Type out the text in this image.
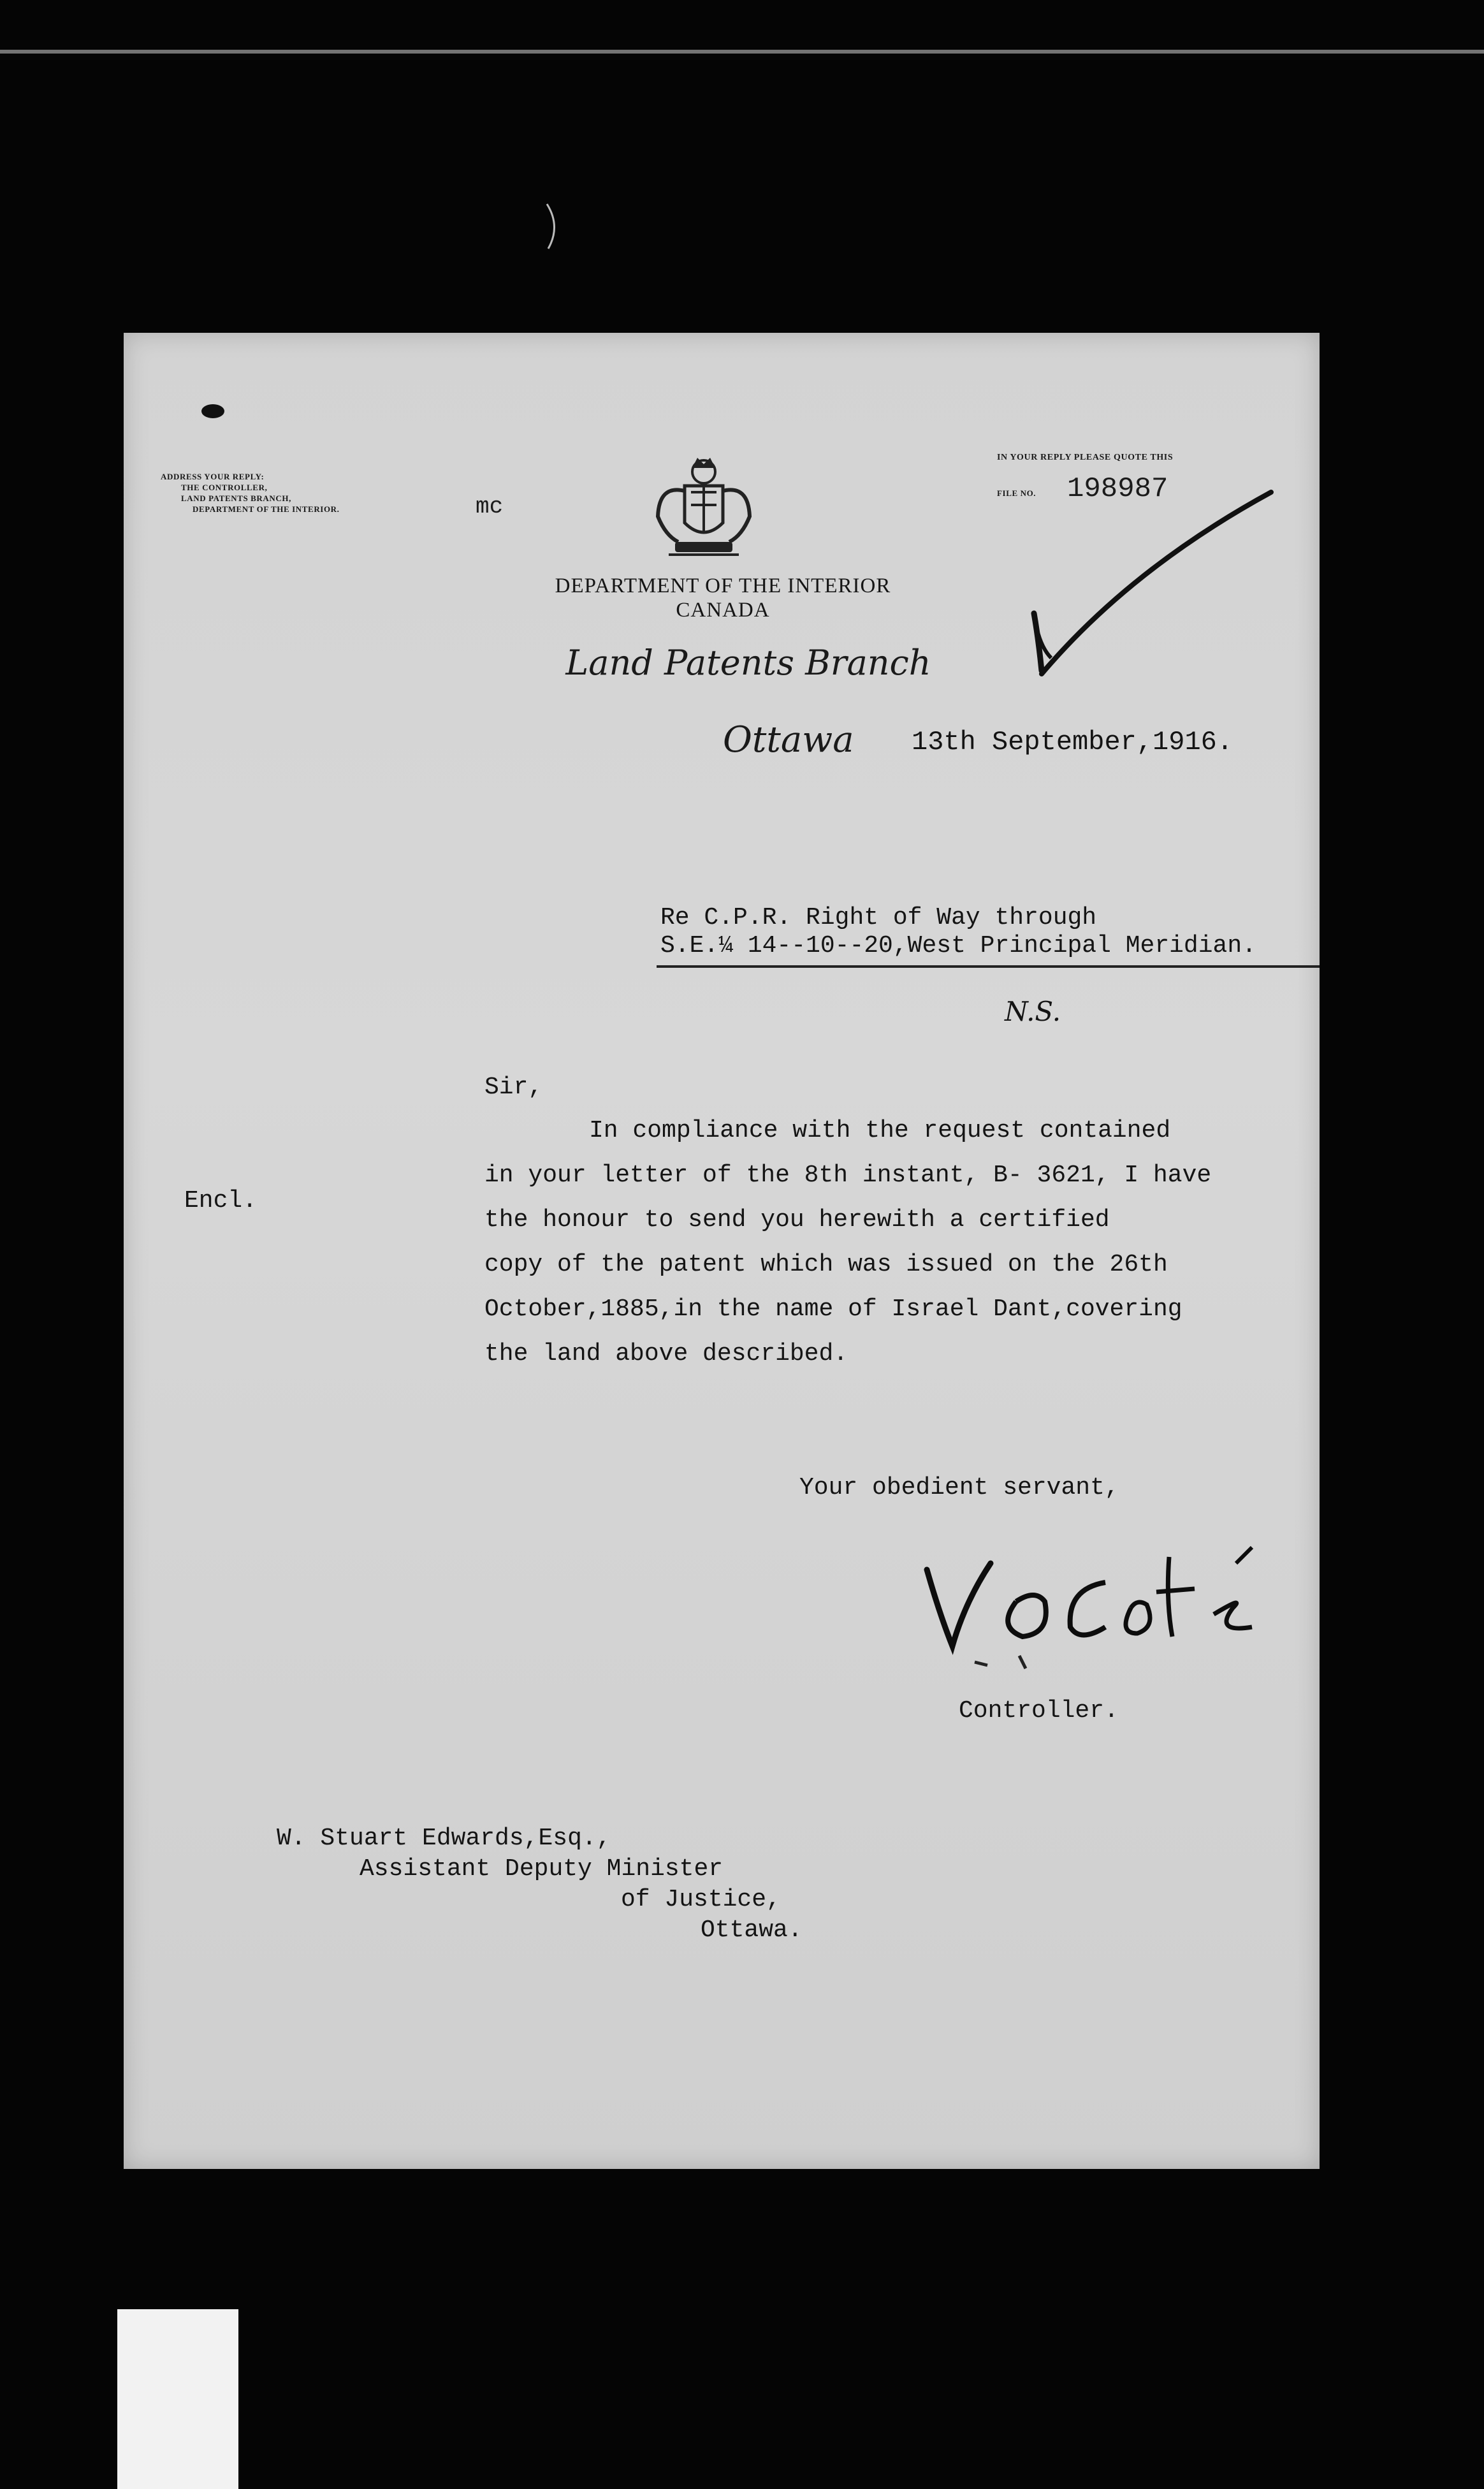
ADDRESS YOUR REPLY:
THE CONTROLLER,
LAND PATENTS BRANCH,
DEPARTMENT OF THE INTERIOR.	mc
IN YOUR REPLY PLEASE QUOTE THIS
FILE NO. 198987
DEPARTMENT OF THE INTERIOR
CANADA
Land Patents Branch
Ottawa 13th September,1916.
Re C.P.R. Right of Way through
S.E.¼ 14--10--20,West Principal Meridian.
N.S.
Sir,
In compliance with the request contained
in your letter of the 8th instant, B- 3621, I have
the honour to send you herewith a certified
copy of the patent which was issued on the 26th
October,1885,in the name of Israel Dant,covering
the land above described.
Encl.
Your obedient servant,
Controller.
W. Stuart Edwards,Esq.,
Assistant Deputy Minister
of Justice,
Ottawa.
